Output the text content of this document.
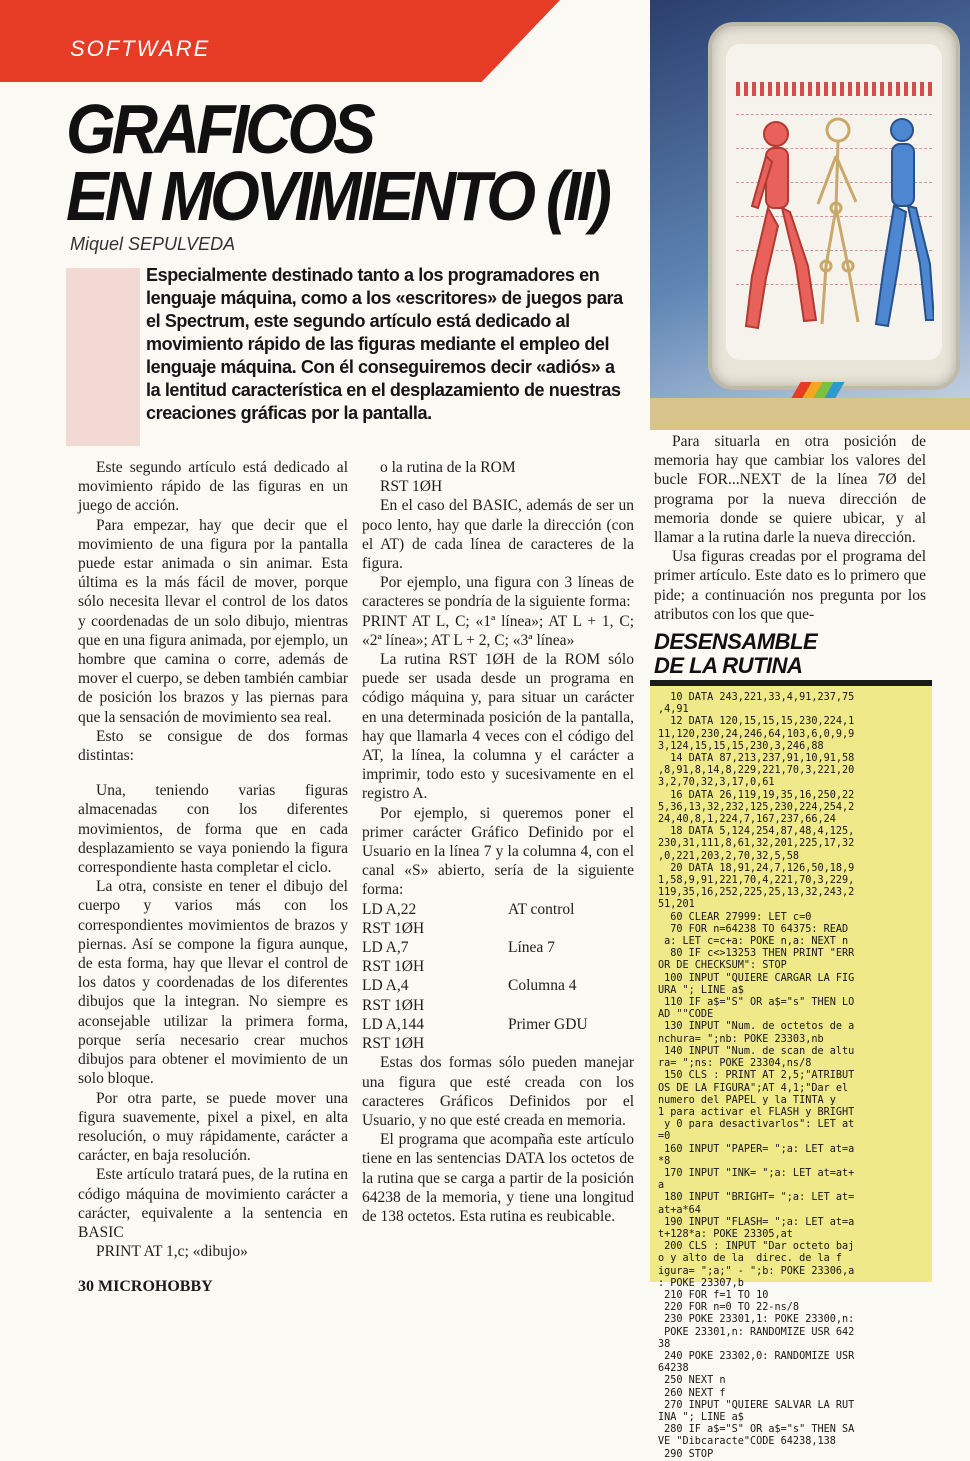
SOFTWARE
GRAFICOS
EN MOVIMIENTO (II)
Miquel SEPULVEDA

Especialmente destinado tanto a los programadores en lenguaje máquina, como a los «escritores» de juegos para el Spectrum, este segundo artículo está dedicado al movimiento rápido de las figuras mediante el empleo del lenguaje máquina. Con él conseguiremos decir «adiós» a la lentitud característica en el desplazamiento de nuestras creaciones gráficas por la pantalla.

Este segundo artículo está dedicado al movimiento rápido de las figuras en un juego de acción.

Para empezar, hay que decir que el movimiento de una figura por la pantalla puede estar animada o sin animar. Esta última es la más fácil de mover, porque sólo necesita llevar el control de los datos y coordenadas de un solo dibujo, mientras que en una figura animada, por ejemplo, un hombre que camina o corre, además de mover el cuerpo, se deben también cambiar de posición los brazos y las piernas para que la sensación de movimiento sea real.

Esto se consigue de dos formas distintas:

Una, teniendo varias figuras almacenadas con los diferentes movimientos, de forma que en cada desplazamiento se vaya poniendo la figura correspondiente hasta completar el ciclo.

La otra, consiste en tener el dibujo del cuerpo y varios más con los correspondientes movimientos de brazos y piernas. Así se compone la figura aunque, de esta forma, hay que llevar el control de los datos y coordenadas de los diferentes dibujos que la integran. No siempre es aconsejable utilizar la primera forma, porque sería necesario crear muchos dibujos para obtener el movimiento de un solo bloque.

Por otra parte, se puede mover una figura suavemente, pixel a pixel, en alta resolución, o muy rápidamente, carácter a carácter, en baja resolución.

Este artículo tratará pues, de la rutina en código máquina de movimiento carácter a carácter, equivalente a la sentencia en BASIC

PRINT AT 1,c; «dibujo»

o la rutina de la ROM

RST 1ØH

En el caso del BASIC, además de ser un poco lento, hay que darle la dirección (con el AT) de cada línea de caracteres de la figura.

Por ejemplo, una figura con 3 líneas de caracteres se pondría de la siguiente forma:

PRINT AT L, C; «1ª línea»; AT L + 1, C; «2ª línea»; AT L + 2, C; «3ª línea»

La rutina RST 1ØH de la ROM sólo puede ser usada desde un programa en código máquina y, para situar un carácter en una determinada posición de la pantalla, hay que llamarla 4 veces con el código del AT, la línea, la columna y el carácter a imprimir, todo esto y sucesivamente en el registro A.

Por ejemplo, si queremos poner el primer carácter Gráfico Definido por el Usuario en la línea 7 y la columna 4, con el canal «S» abierto, sería de la siguiente forma:

LD A,22	AT control
RST 1ØH	
LD A,7	Línea 7
RST 1ØH	
LD A,4	Columna 4
RST 1ØH	
LD A,144	Primer GDU
RST 1ØH	

Estas dos formas sólo pueden manejar una figura que esté creada con los caracteres Gráficos Definidos por el Usuario, y no que esté creada en memoria.

El programa que acompaña este artículo tiene en las sentencias DATA los octetos de la rutina que se carga a partir de la posición 64238 de la memoria, y tiene una longitud de 138 octetos. Esta rutina es reubicable.

Para situarla en otra posición de memoria hay que cambiar los valores del bucle FOR...NEXT de la línea 7Ø del programa por la nueva dirección de memoria donde se quiere ubicar, y al llamar a la rutina darle la nueva dirección.

Usa figuras creadas por el programa del primer artículo. Este dato es lo primero que pide; a continuación nos pregunta por los atributos con los que que-

DESENSAMBLE
DE LA RUTINA
10 DATA 243,221,33,4,91,237,75
,4,91
12 DATA 120,15,15,15,230,224,1
11,120,230,24,246,64,103,6,0,9,9
3,124,15,15,15,230,3,246,88
14 DATA 87,213,237,91,10,91,58
,8,91,8,14,8,229,221,70,3,221,20
3,2,70,32,3,17,0,61
16 DATA 26,119,19,35,16,250,22
5,36,13,32,232,125,230,224,254,2
24,40,8,1,224,7,167,237,66,24
18 DATA 5,124,254,87,48,4,125,
230,31,111,8,61,32,201,225,17,32
,0,221,203,2,70,32,5,58
20 DATA 18,91,24,7,126,50,18,9
1,58,9,91,221,70,4,221,70,3,229,
119,35,16,252,225,25,13,32,243,2
51,201
60 CLEAR 27999: LET c=0
70 FOR n=64238 TO 64375: READ
a: LET c=c+a: POKE n,a: NEXT n
80 IF c<>13253 THEN PRINT "ERR
OR DE CHECKSUM": STOP
100 INPUT "QUIERE CARGAR LA FIG
URA "; LINE a$
110 IF a$="S" OR a$="s" THEN LO
AD ""CODE
130 INPUT "Num. de octetos de a
nchura= ";nb: POKE 23303,nb
140 INPUT "Num. de scan de altu
ra= ";ns: POKE 23304,ns/8
150 CLS : PRINT AT 2,5;"ATRIBUT
OS DE LA FIGURA";AT 4,1;"Dar el
numero del PAPEL y la TINTA y
1 para activar el FLASH y BRIGHT
y 0 para desactivarlos": LET at
=0
160 INPUT "PAPER= ";a: LET at=a
*8
170 INPUT "INK= ";a: LET at=at+
a
180 INPUT "BRIGHT= ";a: LET at=
at+a*64
190 INPUT "FLASH= ";a: LET at=a
t+128*a: POKE 23305,at
200 CLS : INPUT "Dar octeto baj
o y alto de la  direc. de la f
igura= ";a;" - ";b: POKE 23306,a
: POKE 23307,b
210 FOR f=1 TO 10
220 FOR n=0 TO 22-ns/8
230 POKE 23301,1: POKE 23300,n:
POKE 23301,n: RANDOMIZE USR 642
38
240 POKE 23302,0: RANDOMIZE USR
64238
250 NEXT n
260 NEXT f
270 INPUT "QUIERE SALVAR LA RUT
INA "; LINE a$
280 IF a$="S" OR a$="s" THEN SA
VE "Dibcaracte"CODE 64238,138
290 STOP
30 MICROHOBBY
